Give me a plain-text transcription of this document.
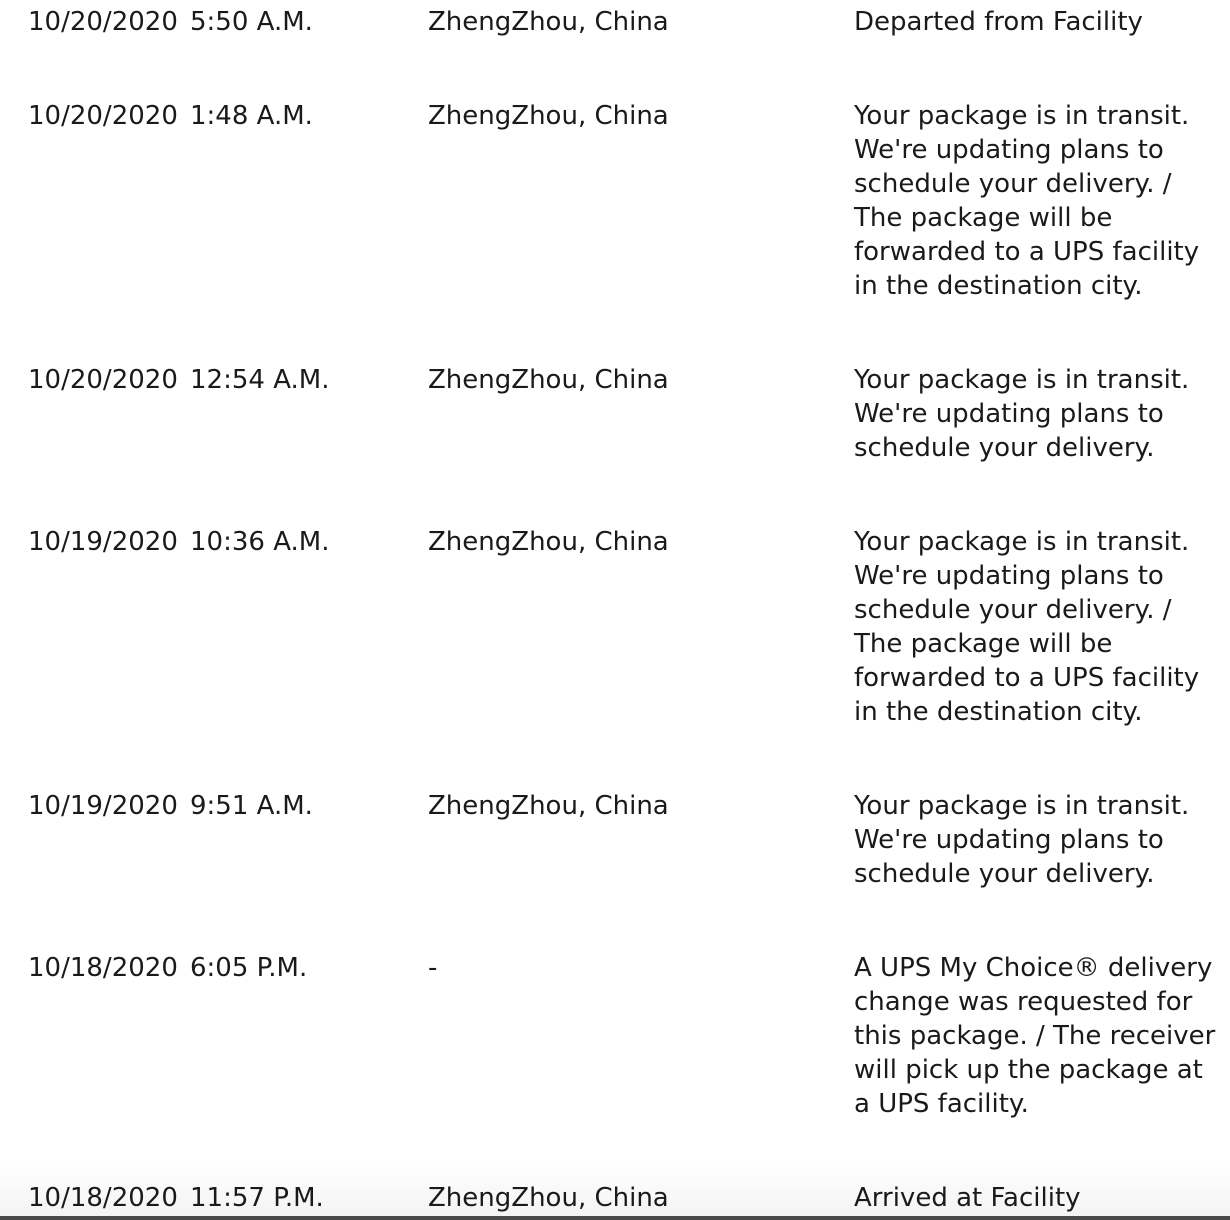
10/20/2020 5:50 A.M.	ZhengZhou, China	Departed from Facility
10/20/2020 1:48 A.M.	ZhengZhou, China	Your package is in transit.
We're updating plans to
schedule your delivery. /
The package will be
forwarded to a UPS facility
in the destination city.
10/20/2020 12:54 A.M.	ZhengZhou, China	Your package is in transit.
We're updating plans to
schedule your delivery.
10/19/2020 10:36 A.M.	ZhengZhou, China	Your package is in transit.
We're updating plans to
schedule your delivery. /
The package will be
forwarded to a UPS facility
in the destination city.
10/19/2020 9:51 A.M.	ZhengZhou, China	Your package is in transit.
We're updating plans to
schedule your delivery.
10/18/2020 6:05 P.M.	-	A UPS My Choice® delivery
change was requested for
this package. / The receiver
will pick up the package at
a UPS facility.
10/18/2020 11:57 P.M.	ZhengZhou, China	Arrived at Facility
